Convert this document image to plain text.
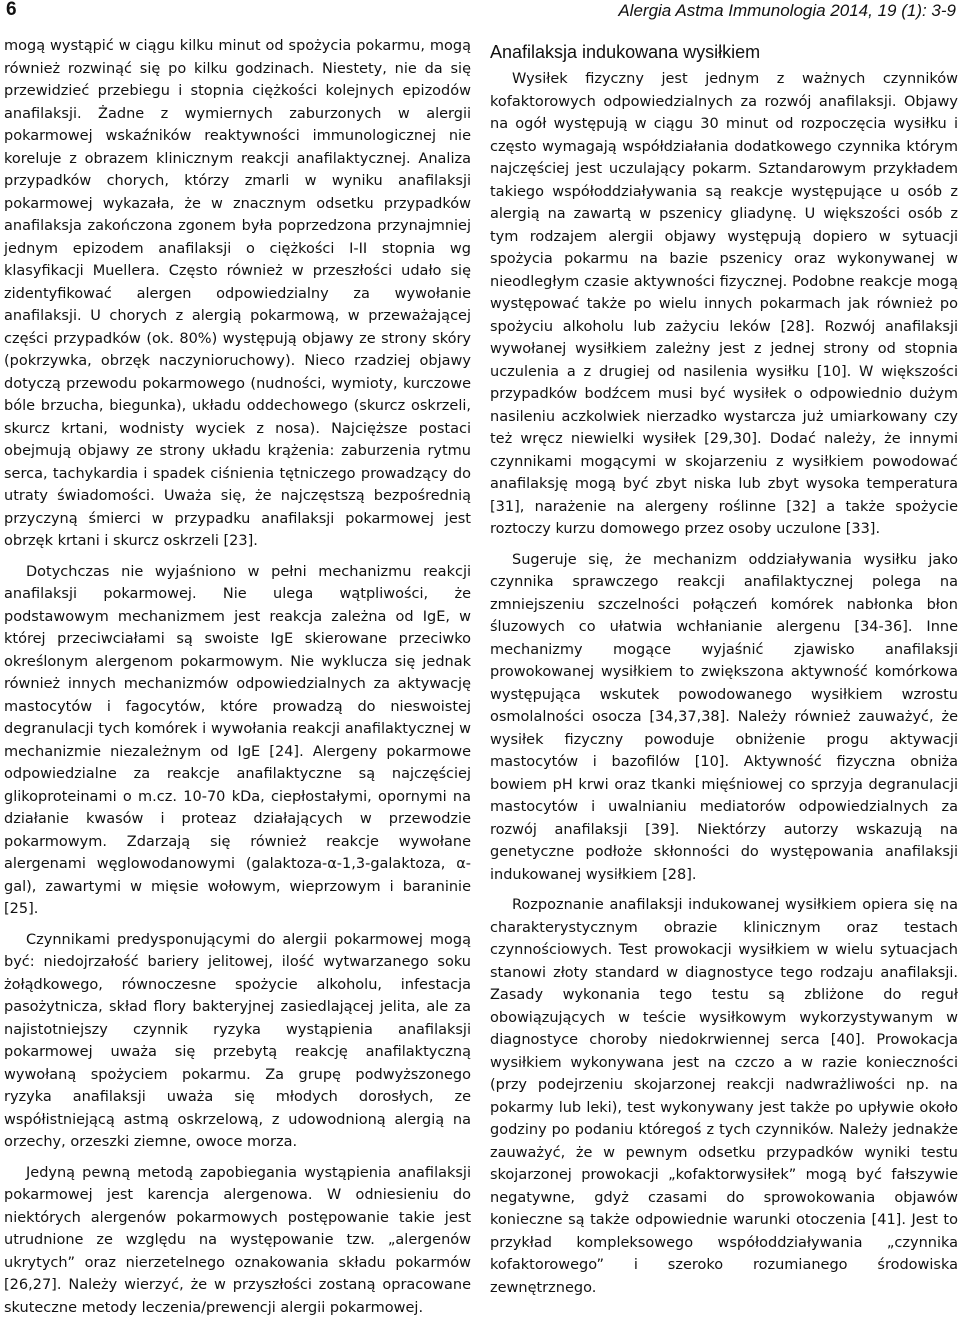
6	Alergia Astma Immunologia 2014, 19 (1): 3-9

mogą wystąpić w ciągu kilku minut od spożycia pokarmu, mogą również rozwinąć się po kilku godzinach. Niestety, nie da się przewidzieć przebiegu i stopnia ciężkości kolejnych epizodów anafilaksji. Żadne z wymiernych zaburzonych w alergii pokarmowej wskaźników reaktywności immunologicznej nie koreluje z obrazem klinicznym reakcji anafilaktycznej. Analiza przypadków chorych, którzy zmarli w wyniku anafilaksji pokarmowej wykazała, że w znacznym odsetku przypadków anafilaksja zakończona zgonem była poprzedzona przynajmniej jednym epizodem anafilaksji o ciężkości I-II stopnia wg klasyfikacji Muellera. Często również w przeszłości udało się zidentyfikować alergen odpowiedzialny za wywołanie anafilaksji. U chorych z alergią pokarmową, w przeważającej części przypadków (ok. 80%) występują objawy ze strony skóry (pokrzywka, obrzęk naczynioruchowy). Nieco rzadziej objawy dotyczą przewodu pokarmowego (nudności, wymioty, kurczowe bóle brzucha, biegunka), układu oddechowego (skurcz oskrzeli, skurcz krtani, wodnisty wyciek z nosa). Najcięższe postaci obejmują objawy ze strony układu krążenia: zaburzenia rytmu serca, tachykardia i spadek ciśnienia tętniczego prowadzący do utraty świadomości. Uważa się, że najczęstszą bezpośrednią przyczyną śmierci w przypadku anafilaksji pokarmowej jest obrzęk krtani i skurcz oskrzeli [23].

Dotychczas nie wyjaśniono w pełni mechanizmu reakcji anafilaksji pokarmowej. Nie ulega wątpliwości, że podstawowym mechanizmem jest reakcja zależna od IgE, w której przeciwciałami są swoiste IgE skierowane przeciwko określonym alergenom pokarmowym. Nie wyklucza się jednak również innych mechanizmów odpowiedzialnych za aktywację mastocytów i fagocytów, które prowadzą do nieswoistej degranulacji tych komórek i wywołania reakcji anafilaktycznej w mechanizmie niezależnym od IgE [24]. Alergeny pokarmowe odpowiedzialne za reakcje anafilaktyczne są najczęściej glikoproteinami o m.cz. 10-70 kDa, ciepłostałymi, opornymi na działanie kwasów i proteaz działających w przewodzie pokarmowym. Zdarzają się również reakcje wywołane alergenami węglowodanowymi (galaktoza-α-1,3-galaktoza, α-gal), zawartymi w mięsie wołowym, wieprzowym i baraninie [25].

Czynnikami predysponującymi do alergii pokarmowej mogą być: niedojrzałość bariery jelitowej, ilość wytwarzanego soku żołądkowego, równoczesne spożycie alkoholu, infestacja pasożytnicza, skład flory bakteryjnej zasiedlającej jelita, ale za najistotniejszy czynnik ryzyka wystąpienia anafilaksji pokarmowej uważa się przebytą reakcję anafilaktyczną wywołaną spożyciem pokarmu. Za grupę podwyższonego ryzyka anafilaksji uważa się młodych dorosłych, ze współistniejącą astmą oskrzelową, z udowodnioną alergią na orzechy, orzeszki ziemne, owoce morza.

Jedyną pewną metodą zapobiegania wystąpienia anafilaksji pokarmowej jest karencja alergenowa. W odniesieniu do niektórych alergenów pokarmowych postępowanie takie jest utrudnione ze względu na występowanie tzw. „alergenów ukrytych” oraz nierzetelnego oznakowania składu pokarmów [26,27]. Należy wierzyć, że w przyszłości zostaną opracowane skuteczne metody leczenia/prewencji alergii pokarmowej.

Anafilaksja indukowana wysiłkiem

Wysiłek fizyczny jest jednym z ważnych czynników kofaktorowych odpowiedzialnych za rozwój anafilaksji. Objawy na ogół występują w ciągu 30 minut od rozpoczęcia wysiłku i często wymagają współdziałania dodatkowego czynnika którym najczęściej jest uczulający pokarm. Sztandarowym przykładem takiego współoddziaływania są reakcje występujące u osób z alergią na zawartą w pszenicy gliadynę. U większości osób z tym rodzajem alergii objawy występują dopiero w sytuacji spożycia pokarmu na bazie pszenicy oraz wykonywanej w nieodległym czasie aktywności fizycznej. Podobne reakcje mogą występować także po wielu innych pokarmach jak również po spożyciu alkoholu lub zażyciu leków [28]. Rozwój anafilaksji wywołanej wysiłkiem zależny jest z jednej strony od stopnia uczulenia a z drugiej od nasilenia wysiłku [10]. W większości przypadków bodźcem musi być wysiłek o odpowiednio dużym nasileniu aczkolwiek nierzadko wystarcza już umiarkowany czy też wręcz niewielki wysiłek [29,30]. Dodać należy, że innymi czynnikami mogącymi w skojarzeniu z wysiłkiem powodować anafilaksję mogą być zbyt niska lub zbyt wysoka temperatura [31], narażenie na alergeny roślinne [32] a także spożycie roztoczy kurzu domowego przez osoby uczulone [33].

Sugeruje się, że mechanizm oddziaływania wysiłku jako czynnika sprawczego reakcji anafilaktycznej polega na zmniejszeniu szczelności połączeń komórek nabłonka błon śluzowych co ułatwia wchłanianie alergenu [34-36]. Inne mechanizmy mogące wyjaśnić zjawisko anafilaksji prowokowanej wysiłkiem to zwiększona aktywność komórkowa występująca wskutek powodowanego wysiłkiem wzrostu osmolalności osocza [34,37,38]. Należy również zauważyć, że wysiłek fizyczny powoduje obniżenie progu aktywacji mastocytów i bazofilów [10]. Aktywność fizyczna obniża bowiem pH krwi oraz tkanki mięśniowej co sprzyja degranulacji mastocytów i uwalnianiu mediatorów odpowiedzialnych za rozwój anafilaksji [39]. Niektórzy autorzy wskazują na genetyczne podłoże skłonności do występowania anafilaksji indukowanej wysiłkiem [28].

Rozpoznanie anafilaksji indukowanej wysiłkiem opiera się na charakterystycznym obrazie klinicznym oraz testach czynnościowych. Test prowokacji wysiłkiem w wielu sytuacjach stanowi złoty standard w diagnostyce tego rodzaju anafilaksji. Zasady wykonania tego testu są zbliżone do reguł obowiązujących w teście wysiłkowym wykorzystywanym w diagnostyce choroby niedokrwiennej serca [40]. Prowokacja wysiłkiem wykonywana jest na czczo a w razie konieczności (przy podejrzeniu skojarzonej reakcji nadwrażliwości np. na pokarmy lub leki), test wykonywany jest także po upływie około godziny po podaniu któregoś z tych czynników. Należy jednakże zauważyć, że w pewnym odsetku przypadków wyniki testu skojarzonej prowokacji „kofaktorwysiłek” mogą być fałszywie negatywne, gdyż czasami do sprowokowania objawów konieczne są także odpowiednie warunki otoczenia [41]. Jest to przykład kompleksowego współoddziaływania „czynnika kofaktorowego” i szeroko rozumianego środowiska zewnętrznego.
